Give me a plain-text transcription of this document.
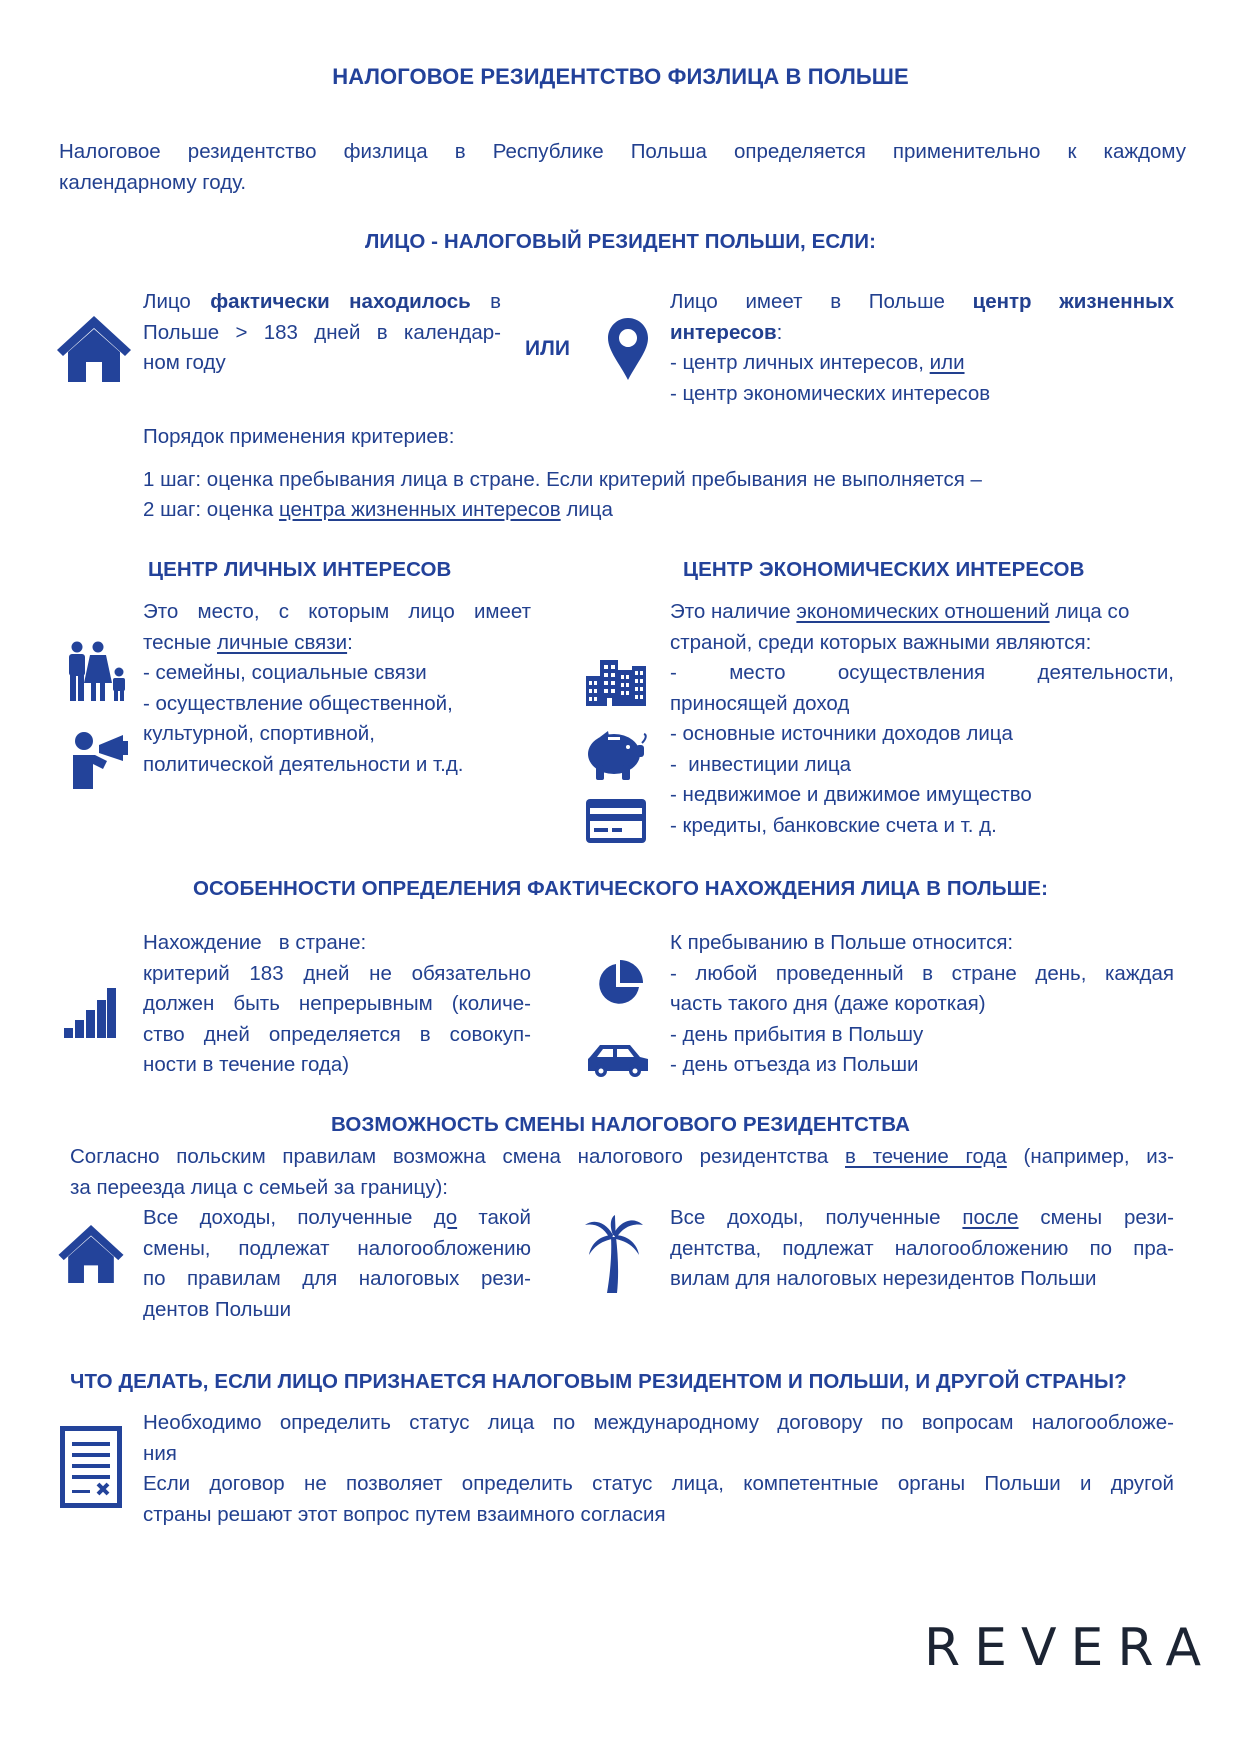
НАЛОГОВОЕ РЕЗИДЕНТСТВО ФИЗЛИЦА В ПОЛЬШЕ
Налоговое резидентство физлица в Республике Польша определяется применительно к каждому
календарному году.
ЛИЦО - НАЛОГОВЫЙ РЕЗИДЕНТ ПОЛЬШИ, ЕСЛИ:
Лицо фактически находилось в
Польше > 183 дней в календар-
ном году
ИЛИ
Лицо имеет в Польше центр жизненных
интересов:
- центр личных интересов, или
- центр экономических интересов
Порядок применения критериев:
1 шаг: оценка пребывания лица в стране. Если критерий пребывания не выполняется –
2 шаг: оценка центра жизненных интересов лица
ЦЕНТР ЛИЧНЫХ ИНТЕРЕСОВ	ЦЕНТР ЭКОНОМИЧЕСКИХ ИНТЕРЕСОВ
Это место, с которым лицо имеет
тесные личные связи:
- семейны, социальные связи
- осуществление общественной,
культурной, спортивной,
политической деятельности и т.д.
Это наличие экономических отношений лица со
страной, среди которых важными являются:
- место осуществления деятельности,
приносящей доход
- основные источники доходов лица
-  инвестиции лица
- недвижимое и движимое имущество
- кредиты, банковские счета и т. д.
ОСОБЕННОСТИ ОПРЕДЕЛЕНИЯ ФАКТИЧЕСКОГО НАХОЖДЕНИЯ ЛИЦА В ПОЛЬШЕ:
Нахождение   в стране:
критерий 183 дней не обязательно
должен быть непрерывным (количе-
ство дней определяется в совокуп-
ности в течение года)
К пребыванию в Польше относится:
- любой проведенный в стране день, каждая
часть такого дня (даже короткая)
- день прибытия в Польшу
- день отъезда из Польши
ВОЗМОЖНОСТЬ СМЕНЫ НАЛОГОВОГО РЕЗИДЕНТСТВА
Согласно польским правилам возможна смена налогового резидентства в течение года (например, из-
за переезда лица с семьей за границу):
Все доходы, полученные до такой
смены, подлежат налогообложению
по правилам для налоговых рези-
дентов Польши
Все доходы, полученные после смены рези-
дентства, подлежат налогообложению по пра-
вилам для налоговых нерезидентов Польши
ЧТО ДЕЛАТЬ, ЕСЛИ ЛИЦО ПРИЗНАЕТСЯ НАЛОГОВЫМ РЕЗИДЕНТОМ И ПОЛЬШИ, И ДРУГОЙ СТРАНЫ?
Необходимо определить статус лица по международному договору по вопросам налогообложе-
ния
Если договор не позволяет определить статус лица, компетентные органы Польши и другой
страны решают этот вопрос путем взаимного согласия
REVERA
